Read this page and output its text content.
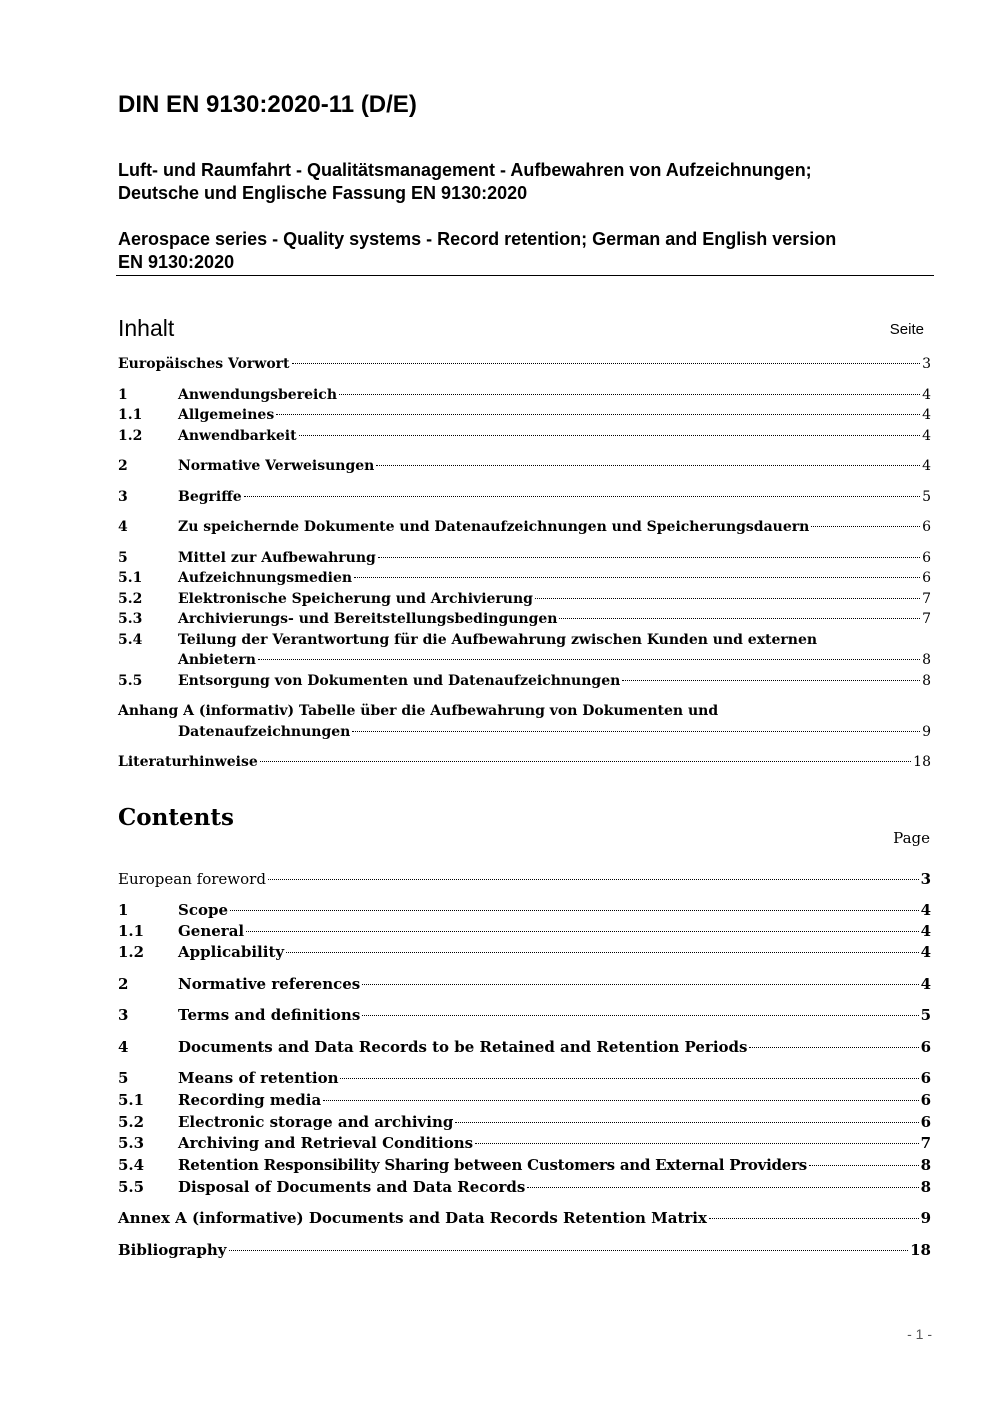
DIN EN 9130:2020-11 (D/E)
Luft- und Raumfahrt - Qualitätsmanagement - Aufbewahren von Aufzeichnungen;
Deutsche und Englische Fassung EN 9130:2020
Aerospace series - Quality systems - Record retention; German and English version
EN 9130:2020
Inhalt	Seite
Europäisches Vorwort	3
1	Anwendungsbereich	4
1.1	Allgemeines	4
1.2	Anwendbarkeit	4
2	Normative Verweisungen	4
3	Begriffe	5
4	Zu speichernde Dokumente und Datenaufzeichnungen und Speicherungsdauern	6
5	Mittel zur Aufbewahrung	6
5.1	Aufzeichnungsmedien	6
5.2	Elektronische Speicherung und Archivierung	7
5.3	Archivierungs- und Bereitstellungsbedingungen	7
5.4	Teilung der Verantwortung für die Aufbewahrung zwischen Kunden und externen
Anbietern	8
5.5	Entsorgung von Dokumenten und Datenaufzeichnungen	8
Anhang A (informativ) Tabelle über die Aufbewahrung von Dokumenten und
Datenaufzeichnungen	9
Literaturhinweise	18
Contents
Page
European foreword	3
1	Scope	4
1.1 General	4
1.2 Applicability	4
2	Normative references	4
3	Terms and definitions	5
4	Documents and Data Records to be Retained and Retention Periods	6
5	Means of retention	6
5.1 Recording media	6
5.2 Electronic storage and archiving	6
5.3 Archiving and Retrieval Conditions	7
5.4 Retention Responsibility Sharing between Customers and External Providers	8
5.5 Disposal of Documents and Data Records	8
Annex A (informative) Documents and Data Records Retention Matrix	9
Bibliography	18
- 1 -
